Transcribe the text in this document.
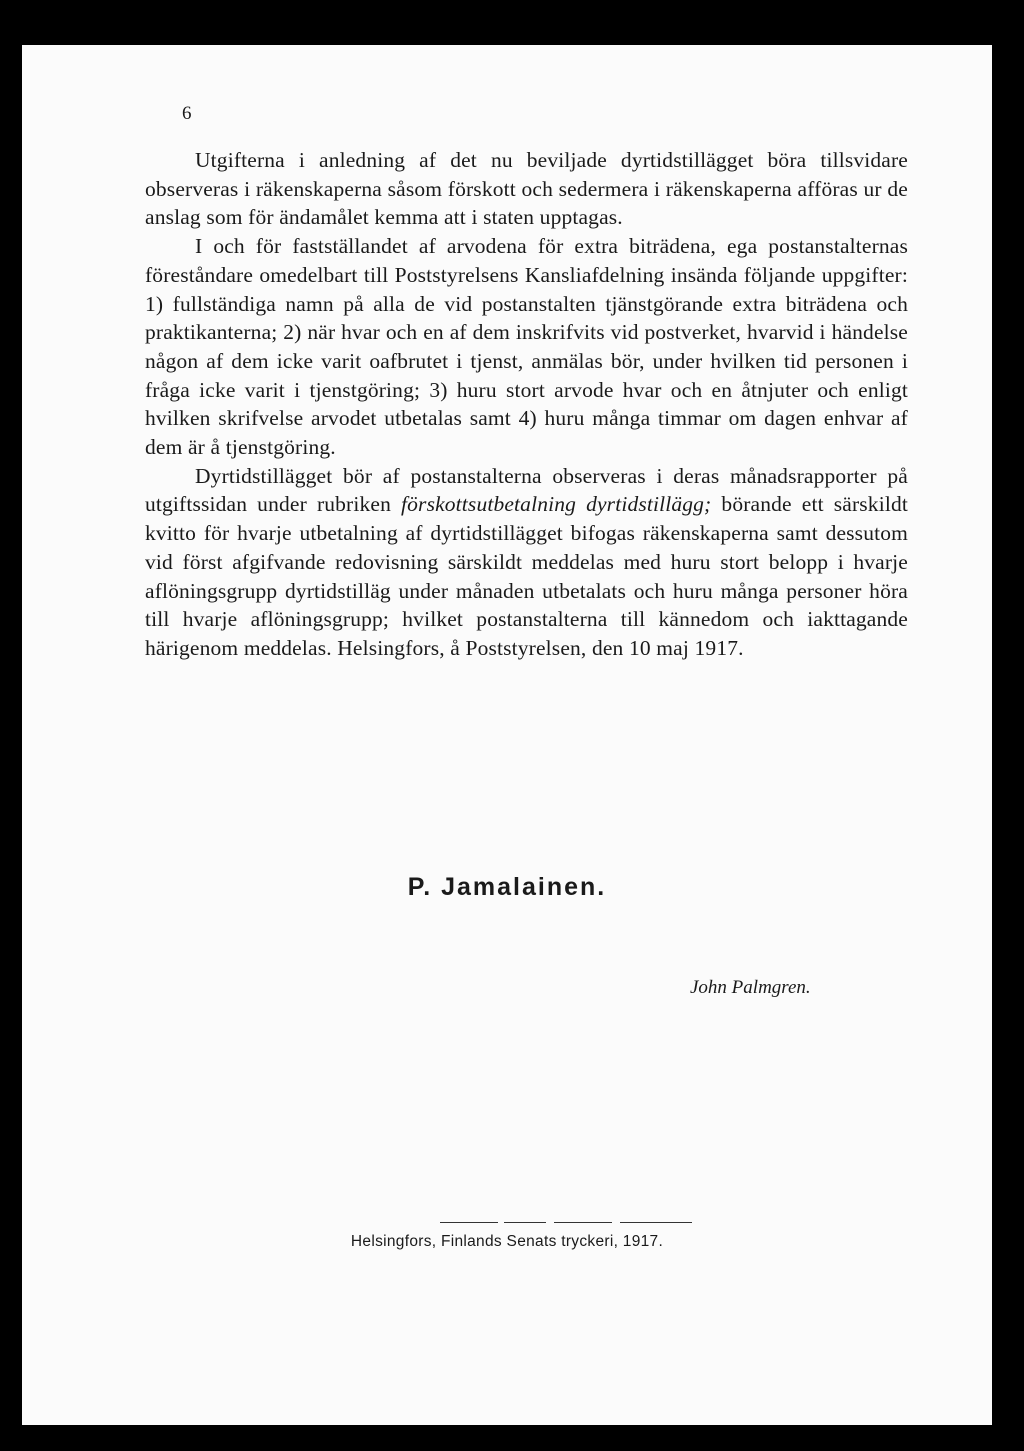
6

Utgifterna i anledning af det nu beviljade dyrtidstillägget böra tillsvidare observeras i räkenskaperna såsom förskott och sedermera i räkenskaperna afföras ur de anslag som för ändamålet kemma att i staten upptagas.

I och för fastställandet af arvodena för extra biträdena, ega postanstalternas föreståndare omedelbart till Poststyrelsens Kansliafdelning insända följande uppgifter: 1) fullständiga namn på alla de vid postanstalten tjänstgörande extra biträdena och praktikanterna; 2) när hvar och en af dem inskrifvits vid postverket, hvarvid i händelse någon af dem icke varit oafbrutet i tjenst, anmälas bör, under hvilken tid personen i fråga icke varit i tjenstgöring; 3) huru stort arvode hvar och en åtnjuter och enligt hvilken skrifvelse arvodet utbetalas samt 4) huru många timmar om dagen enhvar af dem är å tjenstgöring.

Dyrtidstillägget bör af postanstalterna observeras i deras månadsrapporter på utgiftssidan under rubriken förskottsutbetalning dyrtidstillägg; börande ett särskildt kvitto för hvarje utbetalning af dyrtidstillägget bifogas räkenskaperna samt dessutom vid först afgifvande redovisning särskildt meddelas med huru stort belopp i hvarje aflöningsgrupp dyrtidstilläg under månaden utbetalats och huru många personer höra till hvarje aflöningsgrupp; hvilket postanstalterna till kännedom och iakttagande härigenom meddelas. Helsingfors, å Poststyrelsen, den 10 maj 1917.

P. Jamalainen.
John Palmgren.
Helsingfors, Finlands Senats tryckeri, 1917.
